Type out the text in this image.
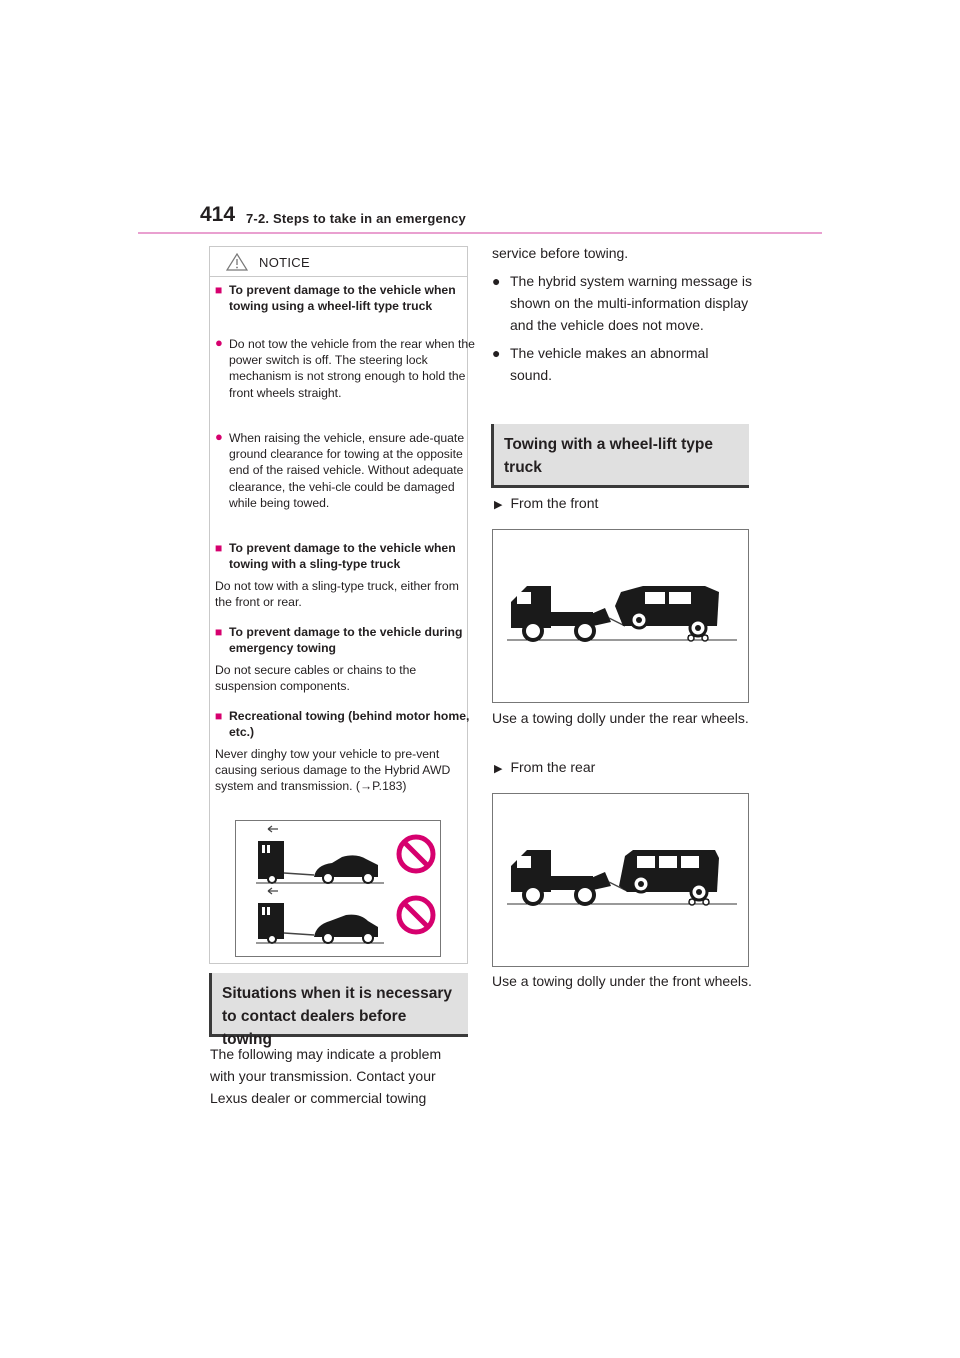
414 7-2. Steps to take in an emergency
NOTICE
■ To prevent damage to the vehicle when towing using a wheel-lift type truck
● Do not tow the vehicle from the rear when the power switch is off. The steering lock mechanism is not strong enough to hold the front wheels straight.
● When raising the vehicle, ensure ade-quate ground clearance for towing at the opposite end of the raised vehicle. Without adequate clearance, the vehi-cle could be damaged while being towed.
■ To prevent damage to the vehicle when towing with a sling-type truck
Do not tow with a sling-type truck, either from the front or rear.
■ To prevent damage to the vehicle during emergency towing
Do not secure cables or chains to the suspension components.
■ Recreational towing (behind motor home, etc.)
Never dinghy tow your vehicle to pre-vent causing serious damage to the Hybrid AWD system and transmission. (→P.183)
Situations when it is necessary to contact dealers before towing
The following may indicate a problem with your transmission. Contact your Lexus dealer or commercial towing
service before towing.
● The hybrid system warning message is shown on the multi-information display and the vehicle does not move.
● The vehicle makes an abnormal sound.
Towing with a wheel-lift type truck
▶ From the front
Use a towing dolly under the rear wheels.
▶ From the rear
Use a towing dolly under the front wheels.
